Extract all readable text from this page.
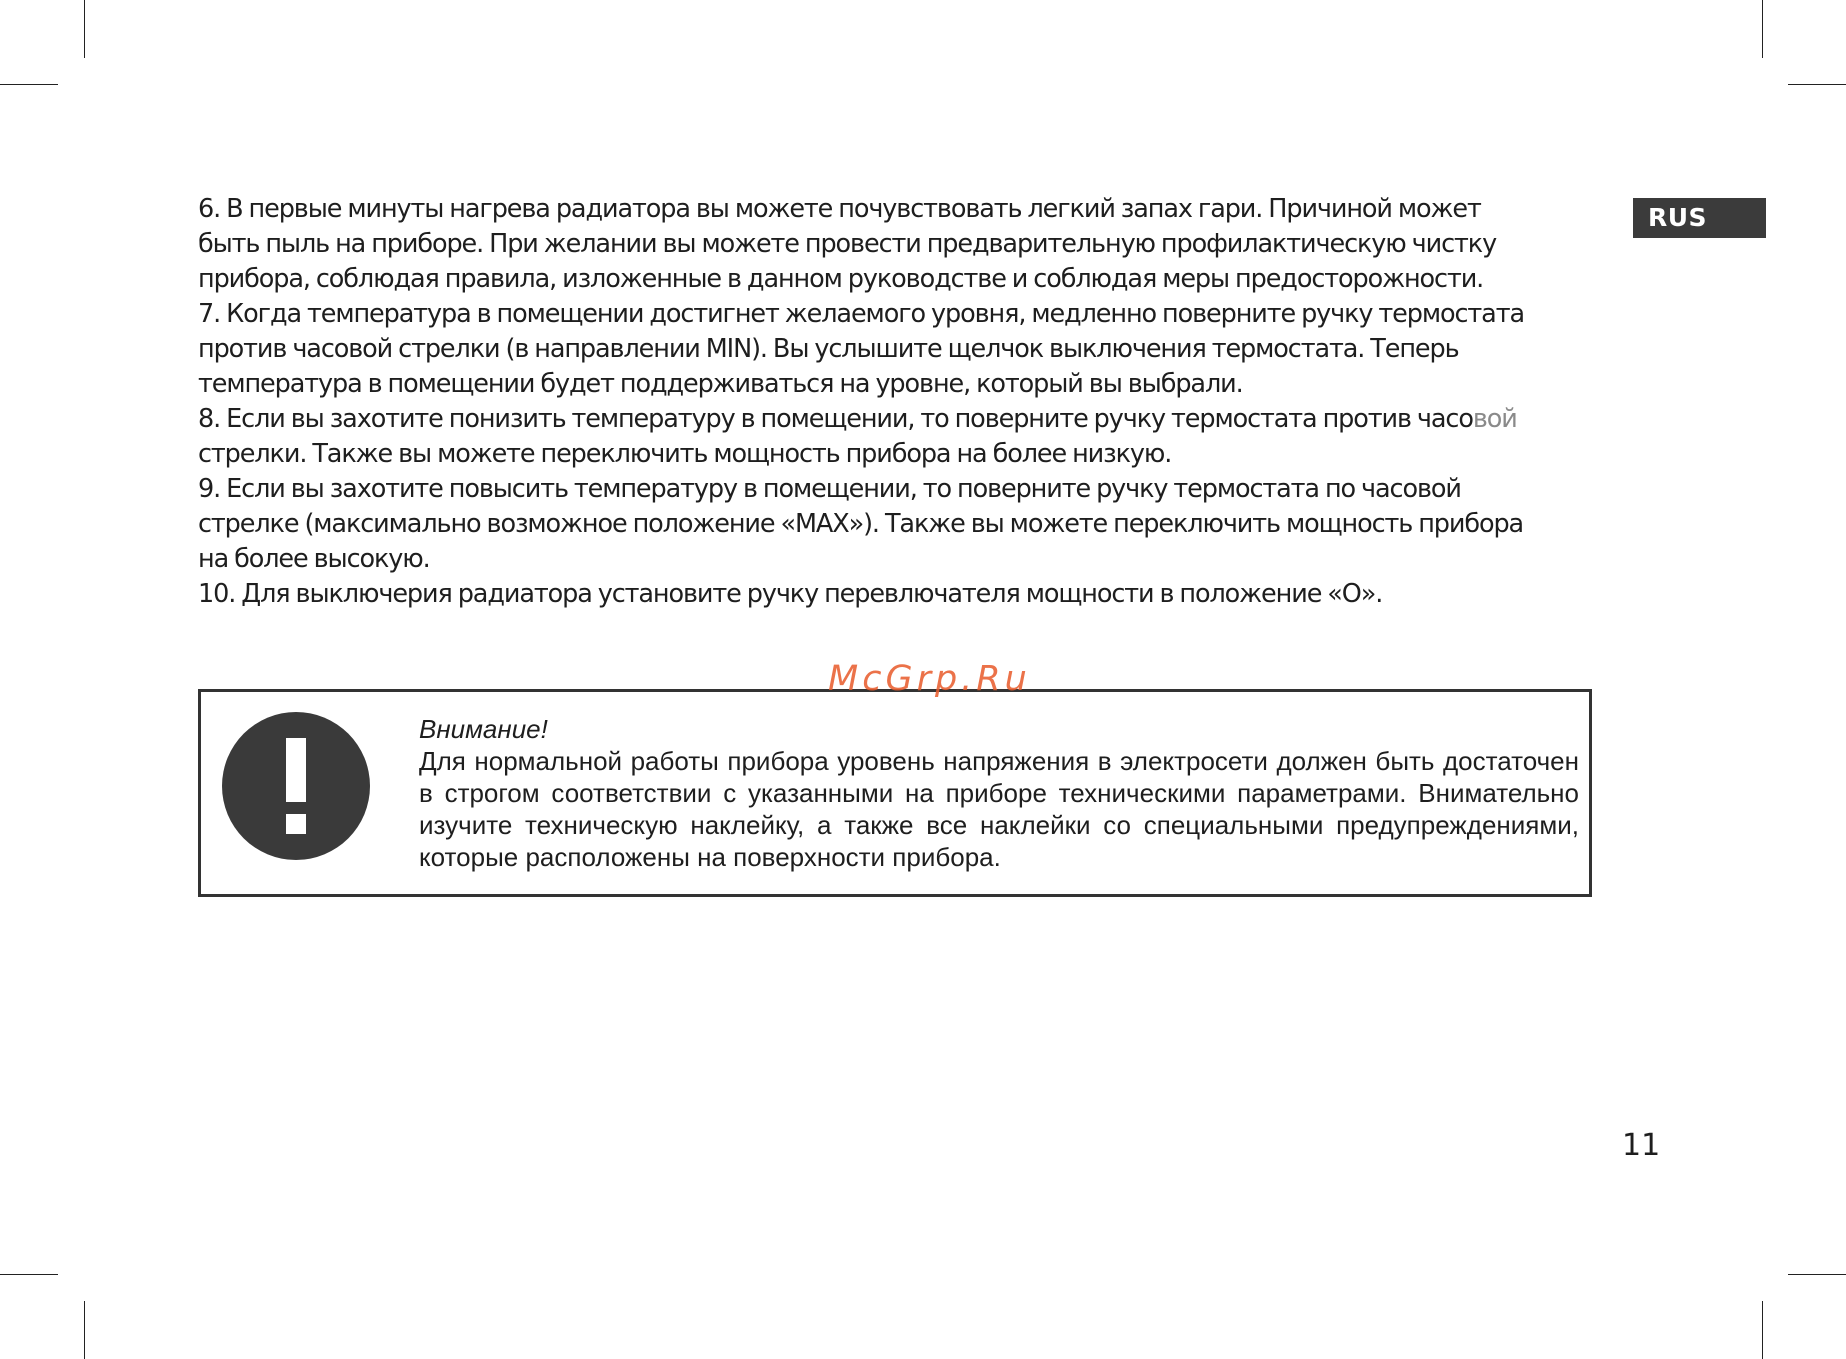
RUS

6. В первые минуты нагрева радиатора вы можете почувствовать легкий запах гари. Причиной может

быть пыль на приборе. При желании вы можете провести предварительную профилактическую чистку

прибора, соблюдая правила, изложенные в данном руководстве и соблюдая меры предосторожности.

7. Когда температура в помещении достигнет желаемого уровня, медленно поверните ручку термостата

против часовой стрелки (в направлении MIN). Вы услышите щелчок выключения термостата. Теперь

температура в помещении будет поддерживаться на уровне, который вы выбрали.

8. Если вы захотите понизить температуру в помещении, то поверните ручку термостата против часовой

стрелки. Также вы можете переключить мощность прибора на более низкую.

9. Если вы захотите повысить температуру в помещении, то поверните ручку термостата по часовой

стрелке (максимально возможное положение «MAX»). Также вы можете переключить мощность прибора

на более высокую.

10. Для выключерия радиатора установите ручку перевлючателя мощности в положение «O».

Внимание!

Для нормальной работы прибора уровень напряжения в электросети должен быть достаточен в строгом соответствии с указанными на приборе техническими параметрами. Внимательно изучите техническую наклейку, а также все наклейки со специальными предупреждениями, которые расположены на поверхности прибора.

McGrp.Ru
11
